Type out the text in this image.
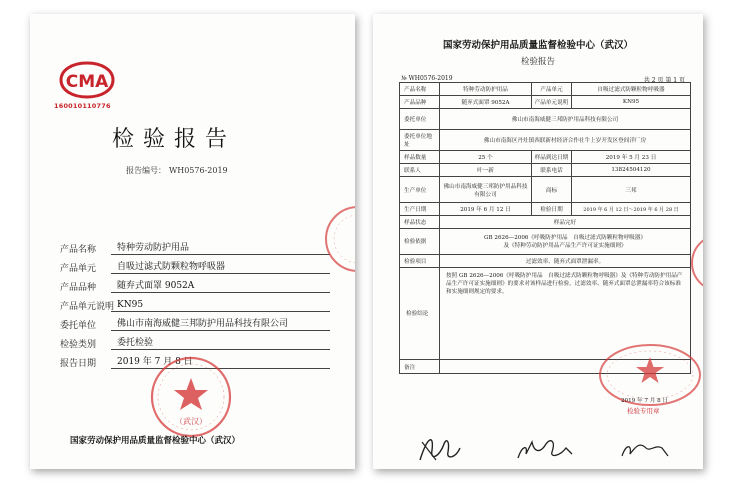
CMA
160010110776
检验报告
报告编号： WH0576-2019
产品名称	特种劳动防护用品
产品单元	自吸过滤式防颗粒物呼吸器
产品品种	随弃式面罩 9052A
产品单元说明 KN95
委托单位	佛山市南海威健三邦防护用品科技有限公司
检验类别	委托检验
报告日期	2019 年 7 月 8 日
（武汉）
国家劳动保护用品质量监督检验中心（武汉）
国家劳动保护用品质量监督检验中心（武汉）
检验报告
№ WH0576-2019	共 2 页 第 1 页
产品名称	特种劳动防护用品	产品单元	自吸过滤式防颗粒物呼吸器
产品品种	随弃式面罩 9052A	产品单元说明	KN95
委托单位	佛山市南海威健三邦防护用品科技有限公司		
委托单位地址	佛山市南海区丹灶镇西联新村经济合作社牛上岁开发区登间洋厂房		
样品数量	25 个	样品到达日期	2019 年 5 月 23 日
联系人	叶一新	联系电话	13824504120
生产单位	佛山市南海威健三邦防护用品科技有限公司	商标	三邦
生产日期	2019 年 6 月 12 日	检验日期	2019 年 6 月 12 日～2019 年 6 月 28 日
样品状态	样品完好		
检验依据	GB 2626—2006《呼吸防护用品　自吸过滤式防颗粒物呼吸器》
及《特种劳动防护用品产品生产许可证实施细则》		

检验项目	过滤效率、随弃式面罩泄漏率。		
检验结论	按照 GB 2626—2006《呼吸防护用品　自吸过滤式防颗粒物呼吸器》及《特种劳动防护用品产品生产许可证实施细则》的要求对该样品进行检验，过滤效率、随弃式面罩总泄漏率符合该标准和实施细则规定的要求。		
备注			
2019 年 7 月 8 日
检验专用章
